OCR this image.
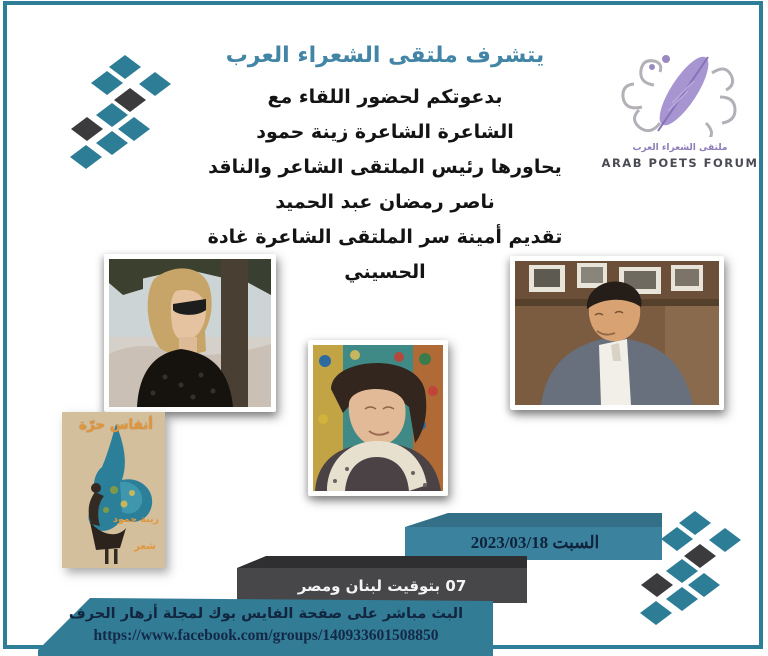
يتشرف ملتقى الشعراء العرب
بدعوتكم لحضور اللقاء مع
الشاعرة الشاعرة زينة حمود
يحاورها رئيس الملتقى الشاعر والناقد
ناصر رمضان عبد الحميد
تقديم أمينة سر الملتقى الشاعرة غادة الحسيني
ملتقى الشعراء العرب
ARAB POETS FORUM
أنفاس حرّة
زينة حمود
شعر	السبت 2023/03/18
07 بتوقيت لبنان ومصر
البث مباشر على صفحة الفايس بوك لمجلة أزهار الحرف
https://www.facebook.com/groups/140933601508850
